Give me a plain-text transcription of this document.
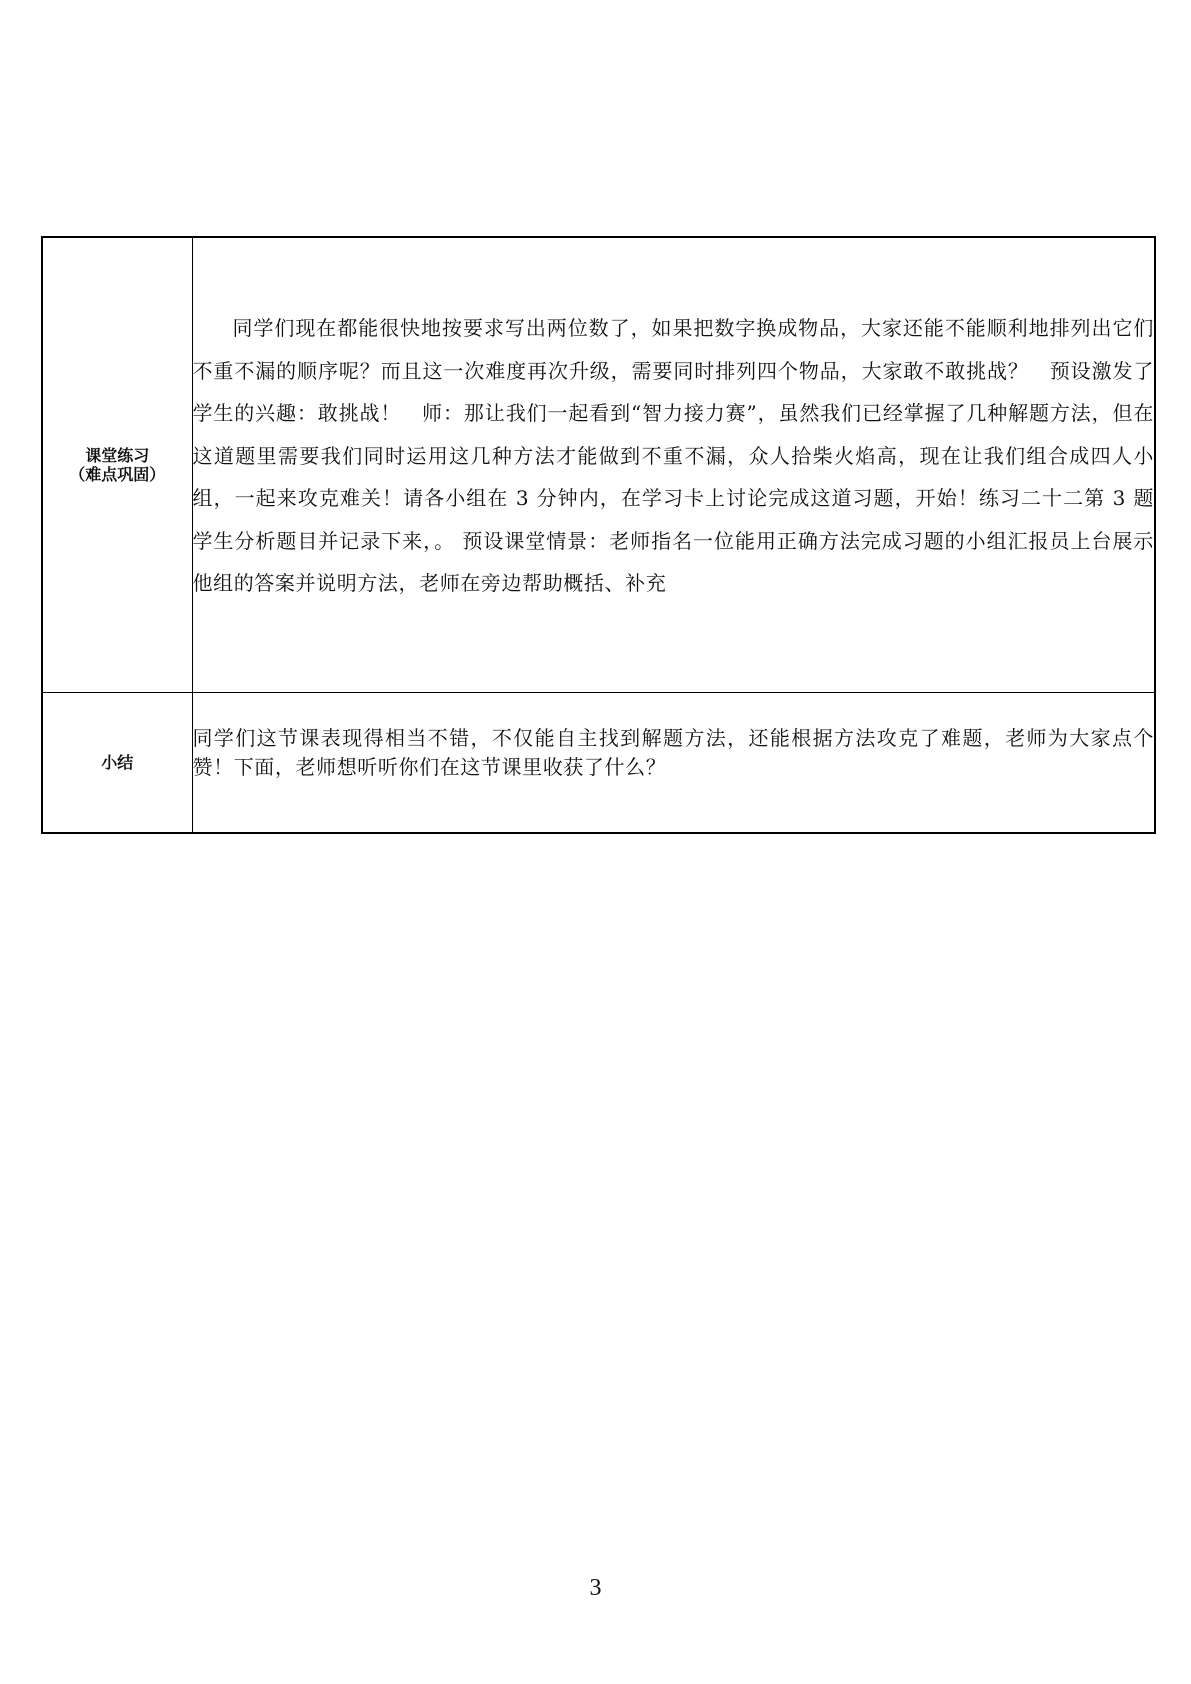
课堂练习
（难点巩固）	同学们现在都能很快地按要求写出两位数了，如果把数字换成物品，大家还能不能顺利地排列出它们不重不漏的顺序呢？而且这一次难度再次升级，需要同时排列四个物品，大家敢不敢挑战？　预设激发了学生的兴趣：敢挑战！　师：那让我们一起看到“智力接力赛”，虽然我们已经掌握了几种解题方法，但在这道题里需要我们同时运用这几种方法才能做到不重不漏，众人拾柴火焰高，现在让我们组合成四人小组，一起来攻克难关！请各小组在 3 分钟内，在学习卡上讨论完成这道习题，开始！练习二十二第 3 题　学生分析题目并记录下来，。 预设课堂情景：老师指名一位能用正确方法完成习题的小组汇报员上台展示他组的答案并说明方法，老师在旁边帮助概括、补充

小结	同学们这节课表现得相当不错，不仅能自主找到解题方法，还能根据方法攻克了难题，老师为大家点个赞！下面，老师想听听你们在这节课里收获了什么？

3
